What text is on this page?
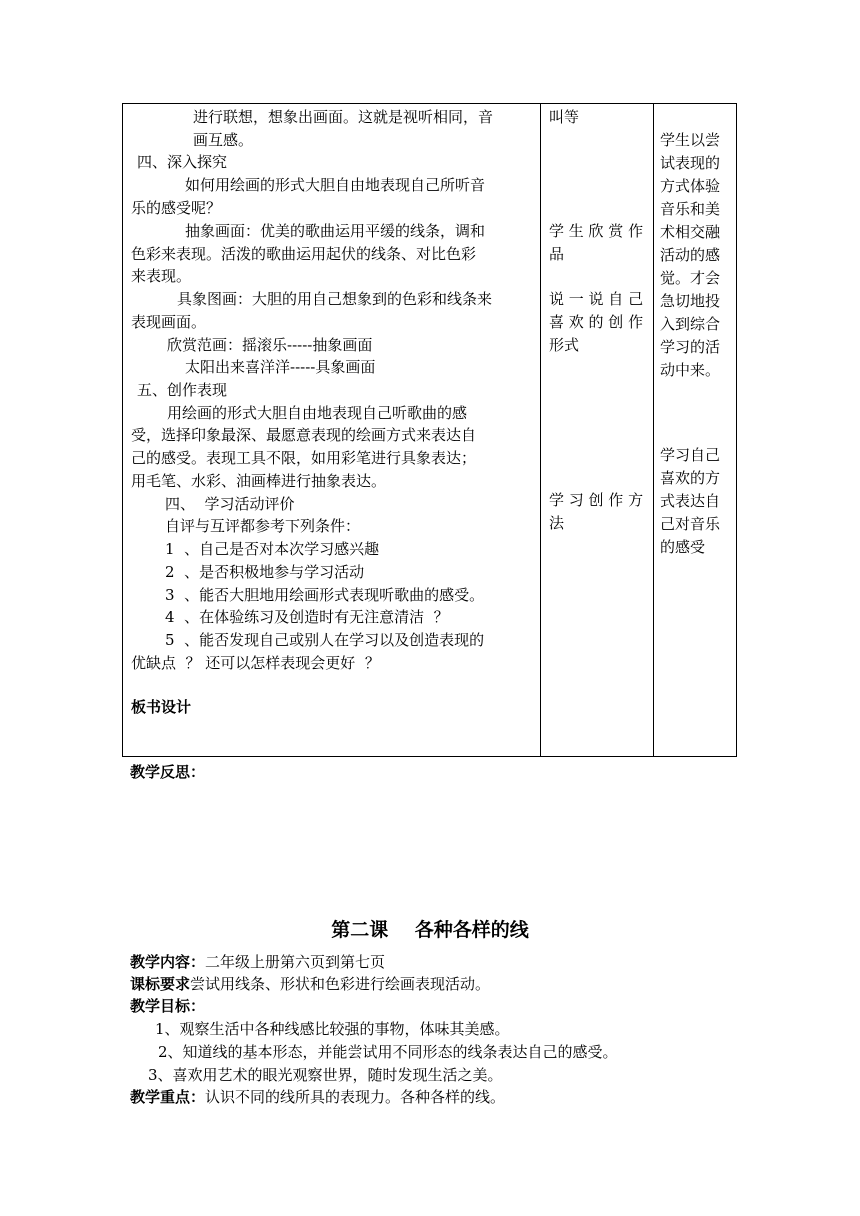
进行联想，想象出画面。这就是视听相同，音
画互感。
四、深入探究
如何用绘画的形式大胆自由地表现自己所听音
乐的感受呢？
抽象画面：优美的歌曲运用平缓的线条，调和
色彩来表现。活泼的歌曲运用起伏的线条、对比色彩
来表现。
具象图画：大胆的用自己想象到的色彩和线条来
表现画面。
欣赏范画：摇滚乐-----抽象画面
太阳出来喜洋洋-----具象画面
五、创作表现
用绘画的形式大胆自由地表现自己听歌曲的感
受，选择印象最深、最愿意表现的绘画方式来表达自
己的感受。表现工具不限，如用彩笔进行具象表达；
用毛笔、水彩、油画棒进行抽象表达。
四、  学习活动评价
自评与互评都参考下列条件：
1  、自己是否对本次学习感兴趣
2  、是否积极地参与学习活动
3  、能否大胆地用绘画形式表现听歌曲的感受。
4  、在体验练习及创造时有无注意清洁  ？
5  、能否发现自己或别人在学习以及创造表现的
优缺点  ？ 还可以怎样表现会更好  ？
板书设计
叫等
学 生 欣 赏 作
品
说 一 说 自 己
喜 欢 的 创 作
形式
学 习 创 作 方
法
学生以尝
试表现的
方式体验
音乐和美
术相交融
活动的感
觉。才会
急切地投
入到综合
学习的活
动中来。
学习自己
喜欢的方
式表达自
己对音乐
的感受
教学反思：
第二课    各种各样的线
教学内容：二年级上册第六页到第七页
课标要求尝试用线条、形状和色彩进行绘画表现活动。
教学目标：
1、观察生活中各种线感比较强的事物，体味其美感。
2、知道线的基本形态，并能尝试用不同形态的线条表达自己的感受。
3、喜欢用艺术的眼光观察世界，随时发现生活之美。
教学重点：认识不同的线所具的表现力。各种各样的线。
